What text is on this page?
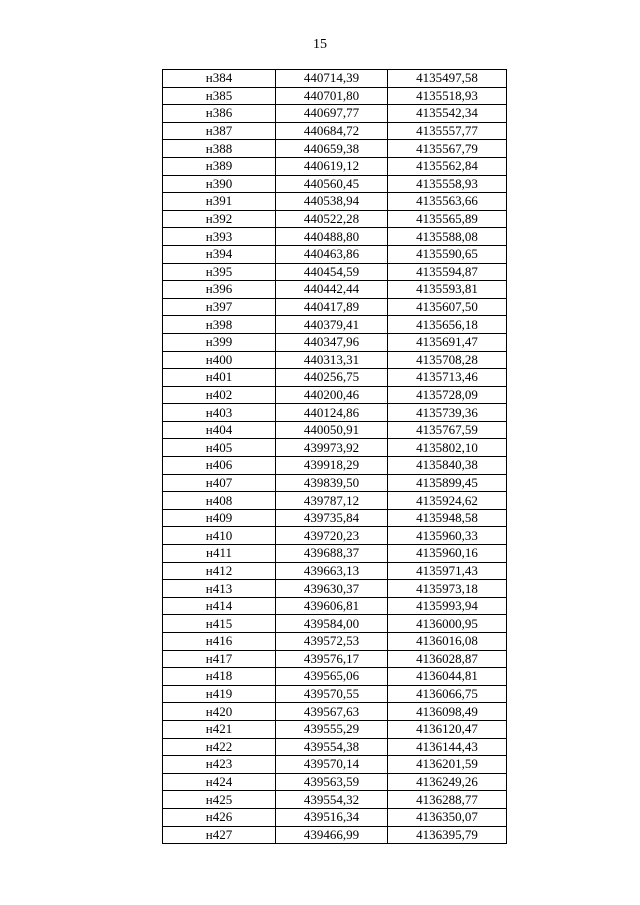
15
н384	440714,39	4135497,58
н385	440701,80	4135518,93
н386	440697,77	4135542,34
н387	440684,72	4135557,77
н388	440659,38	4135567,79
н389	440619,12	4135562,84
н390	440560,45	4135558,93
н391	440538,94	4135563,66
н392	440522,28	4135565,89
н393	440488,80	4135588,08
н394	440463,86	4135590,65
н395	440454,59	4135594,87
н396	440442,44	4135593,81
н397	440417,89	4135607,50
н398	440379,41	4135656,18
н399	440347,96	4135691,47
н400	440313,31	4135708,28
н401	440256,75	4135713,46
н402	440200,46	4135728,09
н403	440124,86	4135739,36
н404	440050,91	4135767,59
н405	439973,92	4135802,10
н406	439918,29	4135840,38
н407	439839,50	4135899,45
н408	439787,12	4135924,62
н409	439735,84	4135948,58
н410	439720,23	4135960,33
н411	439688,37	4135960,16
н412	439663,13	4135971,43
н413	439630,37	4135973,18
н414	439606,81	4135993,94
н415	439584,00	4136000,95
н416	439572,53	4136016,08
н417	439576,17	4136028,87
н418	439565,06	4136044,81
н419	439570,55	4136066,75
н420	439567,63	4136098,49
н421	439555,29	4136120,47
н422	439554,38	4136144,43
н423	439570,14	4136201,59
н424	439563,59	4136249,26
н425	439554,32	4136288,77
н426	439516,34	4136350,07
н427	439466,99	4136395,79
